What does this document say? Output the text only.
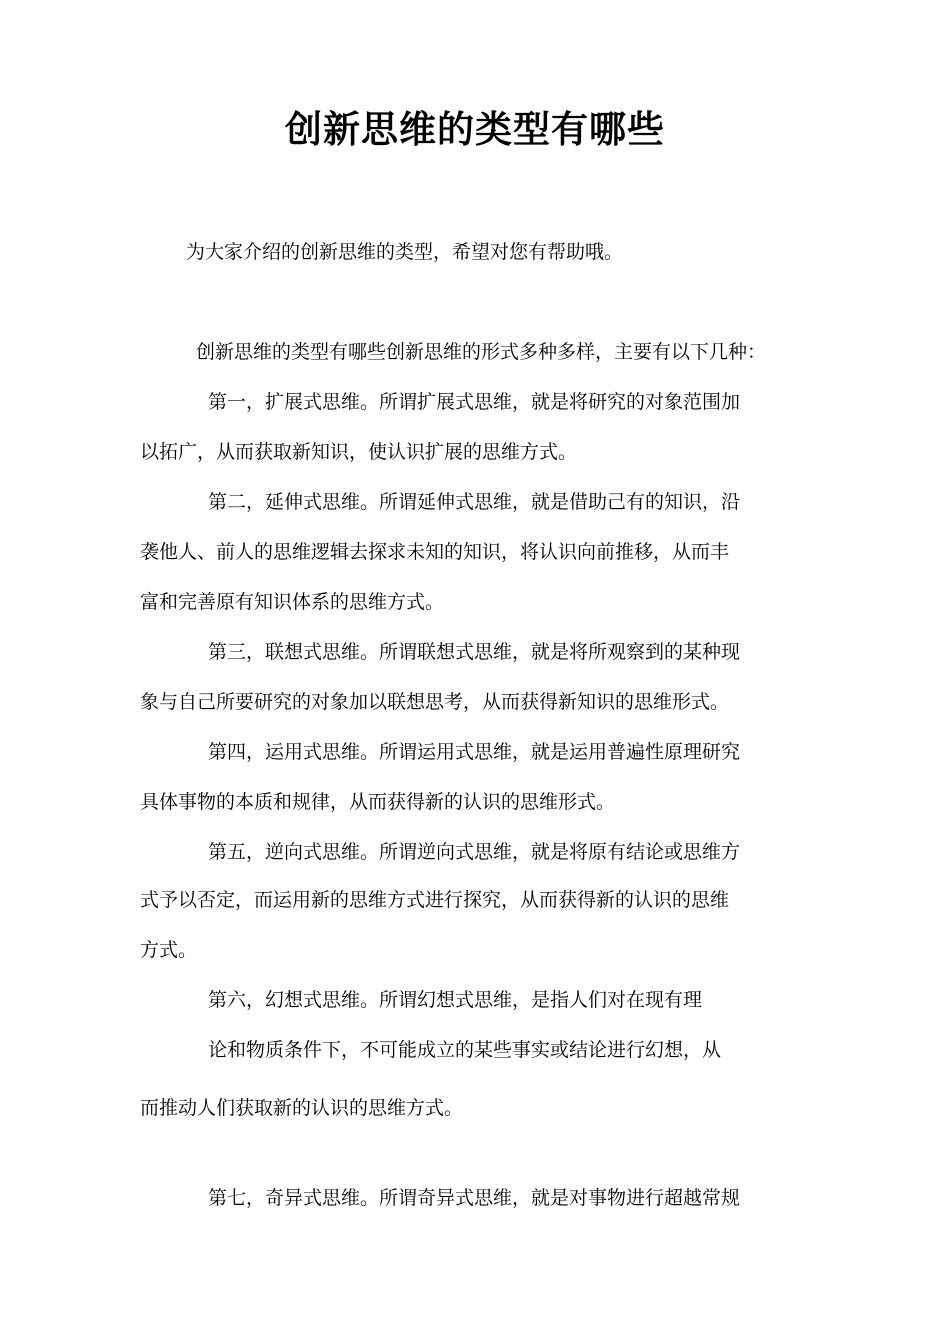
创新思维的类型有哪些
为大家介绍的创新思维的类型，希望对您有帮助哦。
创新思维的类型有哪些创新思维的形式多种多样，主要有以下几种：
第一，扩展式思维。所谓扩展式思维，就是将研究的对象范围加
以拓广，从而获取新知识，使认识扩展的思维方式。
第二，延伸式思维。所谓延伸式思维，就是借助己有的知识，沿
袭他人、前人的思维逻辑去探求未知的知识，将认识向前推移，从而丰
富和完善原有知识体系的思维方式。
第三，联想式思维。所谓联想式思维，就是将所观察到的某种现
象与自己所要研究的对象加以联想思考，从而获得新知识的思维形式。
第四，运用式思维。所谓运用式思维，就是运用普遍性原理研究
具体事物的本质和规律，从而获得新的认识的思维形式。
第五，逆向式思维。所谓逆向式思维，就是将原有结论或思维方
式予以否定，而运用新的思维方式进行探究，从而获得新的认识的思维
方式。
第六，幻想式思维。所谓幻想式思维，是指人们对在现有理
论和物质条件下，不可能成立的某些事实或结论进行幻想，从
而推动人们获取新的认识的思维方式。
第七，奇异式思维。所谓奇异式思维，就是对事物进行超越常规
